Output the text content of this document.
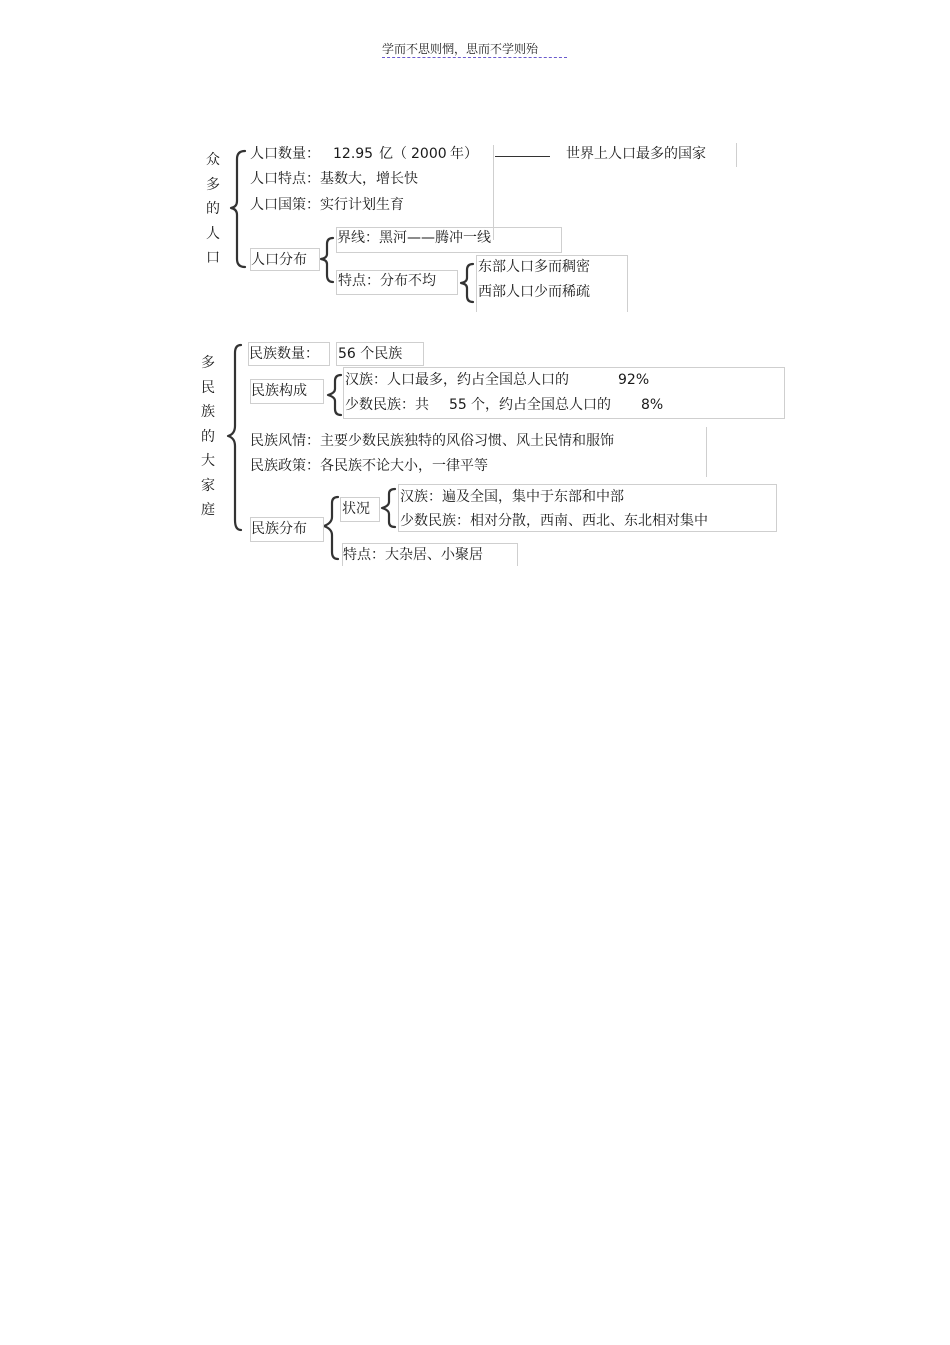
学而不思则惘，思而不学则殆
众多的人口
人口数量： 12.95 亿（ 2000 年）	世界上人口最多的国家
人口特点：基数大，增长快
人口国策：实行计划生育
人口分布
界线：黑河——腾冲一线
特点：分布不均
东部人口多而稠密
西部人口少而稀疏
多民族的大家庭
民族数量： 56 个民族
民族构成
汉族：人口最多，约占全国总人口的	92%
少数民族：共 55 个，约占全国总人口的 8%
民族风情：主要少数民族独特的风俗习惯、风土民情和服饰
民族政策：各民族不论大小，一律平等
民族分布
状况
汉族：遍及全国，集中于东部和中部
少数民族：相对分散，西南、西北、东北相对集中
特点：大杂居、小聚居
